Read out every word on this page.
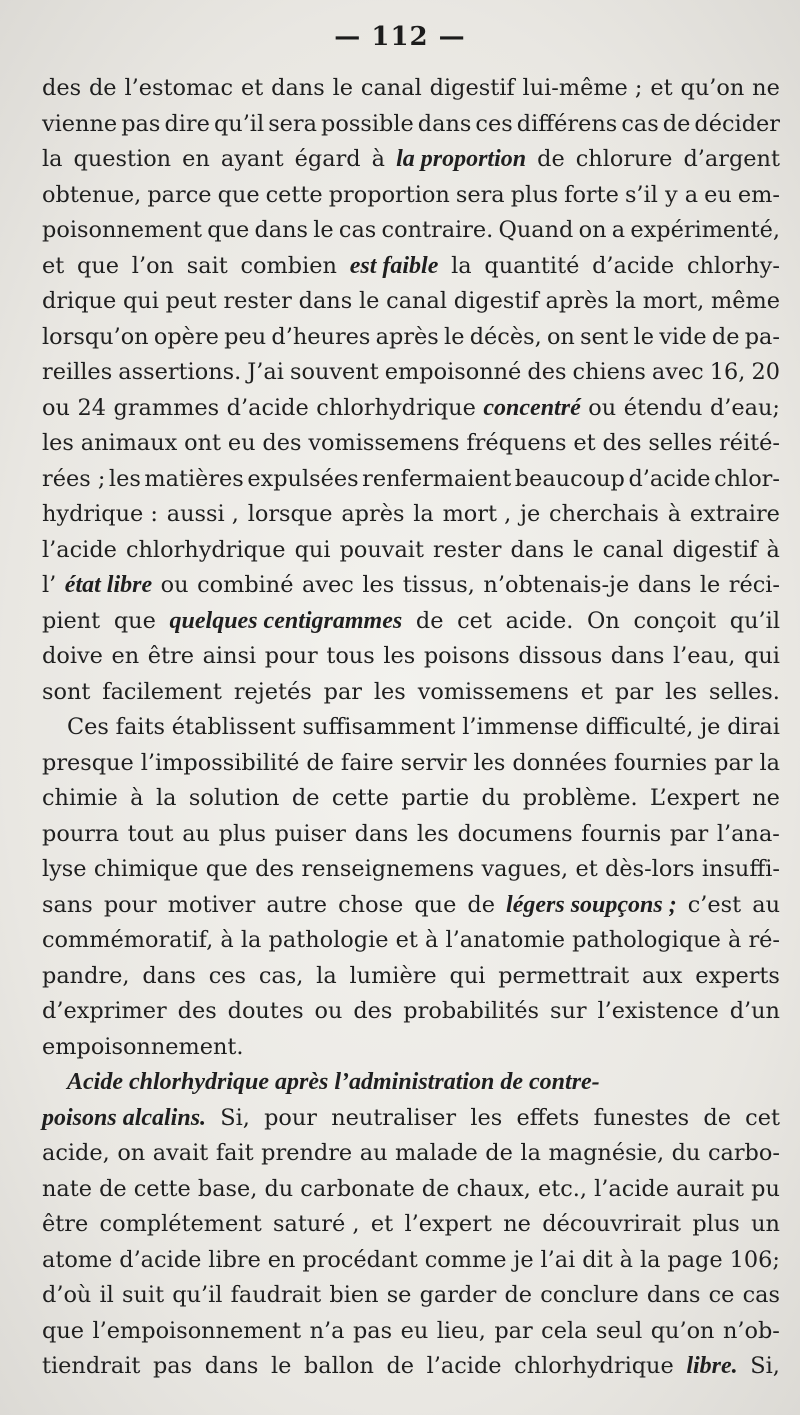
— 112 —
des de l’estomac et dans le canal digestif lui-même ; et qu’on ne
vienne pas dire qu’il sera possible dans ces différens cas de décider
la question en ayant égard à la proportion de chlorure d’argent
obtenue, parce que cette proportion sera plus forte s’il y a eu em-
poisonnement que dans le cas contraire. Quand on a expérimenté,
et que l’on sait combien est faible la quantité d’acide chlorhy-
drique qui peut rester dans le canal digestif après la mort, même
lorsqu’on opère peu d’heures après le décès, on sent le vide de pa-
reilles assertions. J’ai souvent empoisonné des chiens avec 16, 20
ou 24 grammes d’acide chlorhydrique concentré ou étendu d’eau;
les animaux ont eu des vomissemens fréquens et des selles réité-
rées ; les matières expulsées renfermaient beaucoup d’acide chlor-
hydrique : aussi , lorsque après la mort , je cherchais à extraire
l’acide chlorhydrique qui pouvait rester dans le canal digestif à
l’ état libre ou combiné avec les tissus, n’obtenais-je dans le réci-
pient que quelques centigrammes de cet acide. On conçoit qu’il
doive en être ainsi pour tous les poisons dissous dans l’eau, qui
sont facilement rejetés par les vomissemens et par les selles.
Ces faits établissent suffisamment l’immense difficulté, je dirai
presque l’impossibilité de faire servir les données fournies par la
chimie à la solution de cette partie du problème. L’expert ne
pourra tout au plus puiser dans les documens fournis par l’ana-
lyse chimique que des renseignemens vagues, et dès-lors insuffi-
sans pour motiver autre chose que de légers soupçons ; c’est au
commémoratif, à la pathologie et à l’anatomie pathologique à ré-
pandre, dans ces cas, la lumière qui permettrait aux experts
d’exprimer des doutes ou des probabilités sur l’existence d’un
empoisonnement.
Acide chlorhydrique après l’administration de contre-
poisons alcalins. Si, pour neutraliser les effets funestes de cet
acide, on avait fait prendre au malade de la magnésie, du carbo-
nate de cette base, du carbonate de chaux, etc., l’acide aurait pu
être complétement saturé , et l’expert ne découvrirait plus un
atome d’acide libre en procédant comme je l’ai dit à la page 106;
d’où il suit qu’il faudrait bien se garder de conclure dans ce cas
que l’empoisonnement n’a pas eu lieu, par cela seul qu’on n’ob-
tiendrait pas dans le ballon de l’acide chlorhydrique libre. Si,
